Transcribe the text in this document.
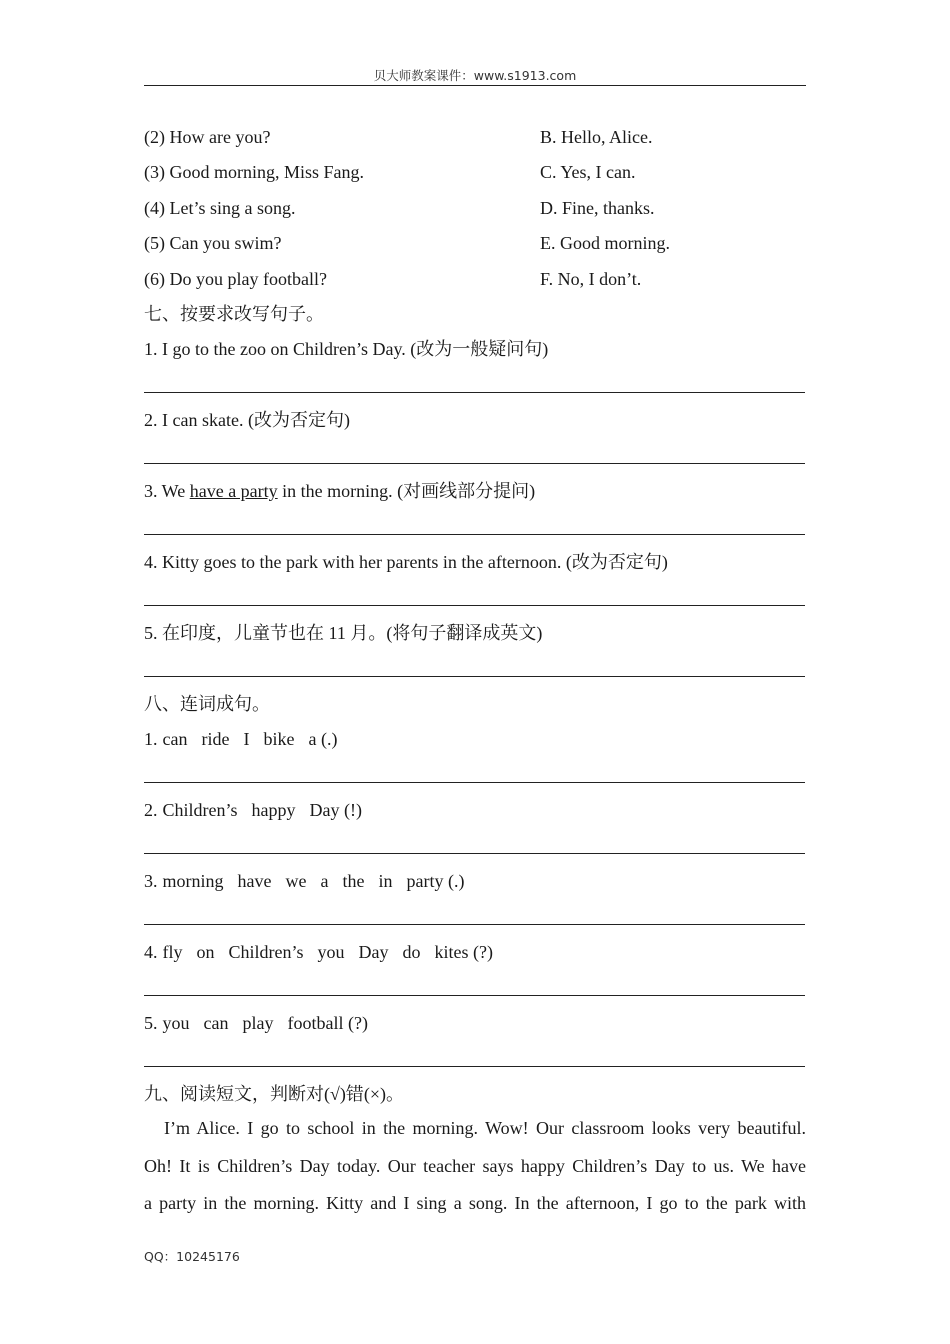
贝大师教案课件：www.s1913.com
(2) How are you?	B. Hello, Alice.
(3) Good morning, Miss Fang.	C. Yes, I can.
(4) Let’s sing a song.	D. Fine, thanks.
(5) Can you swim?	E. Good morning.
(6) Do you play football?	F. No, I don’t.
七、按要求改写句子。
1. I go to the zoo on Children’s Day. (改为一般疑问句)
2. I can skate. (改为否定句)
3. We have a party in the morning. (对画线部分提问)
4. Kitty goes to the park with her parents in the afternoon. (改为否定句)
5. 在印度，儿童节也在 11 月。(将句子翻译成英文)
八、连词成句。
1. can ride I bike a (.)
2. Children’s happy Day (!)
3. morning have we a the in party (.)
4. fly on Children’s you Day do kites (?)
5. you can play football (?)
九、阅读短文，判断对(√)错(×)。

I’m Alice. I go to school in the morning. Wow! Our classroom looks very beautiful.

Oh! It is Children’s Day today. Our teacher says happy Children’s Day to us. We have

a party in the morning. Kitty and I sing a song. In the afternoon, I go to the park with

QQ：10245176
